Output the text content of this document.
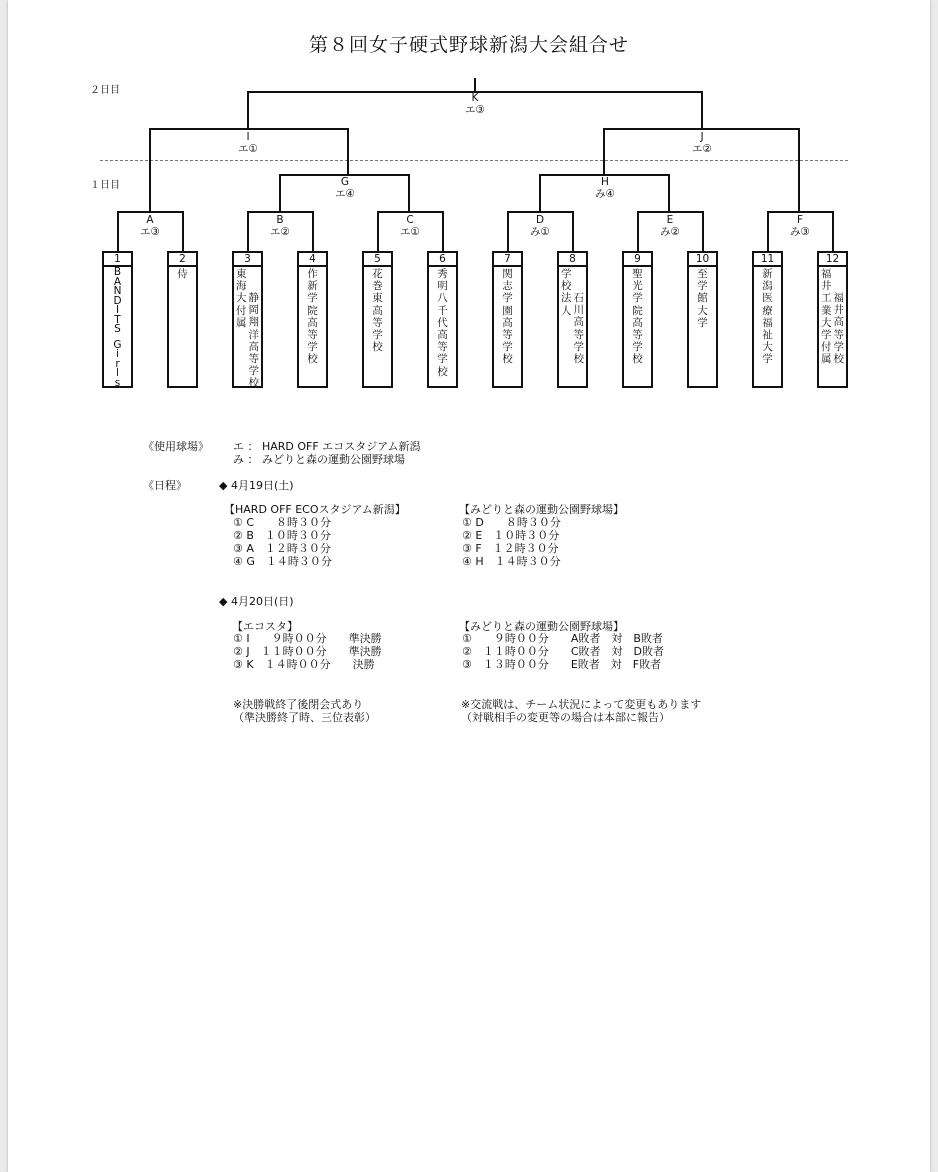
第８回女子硬式野球新潟大会組合せ
２日目
１日目
K
エ③
I
エ①
J
エ②
G
エ④
H
み④
A
エ③
B
エ②
C
エ①
D
み①
E
み②
F
み③
1
B
A
N
D
I
T
S
G
i
r
l
s
2
侍
3
東
海
大
付
属
静
岡
翔
洋
高
等
学
校
4
作
新
学
院
高
等
学
校
5
花
巻
東
高
等
学
校
6
秀
明
八
千
代
高
等
学
校
7
関
志
学
園
高
等
学
校
8
学
校
法
人
石
川
高
等
学
校
9
聖
光
学
院
高
等
学
校
10
至
学
館
大
学
11
新
潟
医
療
福
祉
大
学
12
福
井
工
業
大
学
付
属
福
井
高
等
学
校
《使用球場》 エ ： HARD OFF エコスタジアム新潟
み ： みどりと森の運動公園野球場
《日程》	◆ 4月19日(土)
【HARD OFF ECOスタジアム新潟】
① C　　８時３０分
② B　１０時３０分
③ A　１２時３０分
④ G　１４時３０分
【みどりと森の運動公園野球場】
① D　　８時３０分
② E　１０時３０分
③ F　１２時３０分
④ H　１４時３０分
◆ 4月20日(日)
【エコスタ】
① I　　９時００分　　準決勝
② J　１１時００分　　準決勝
③ K　１４時００分　　決勝
【みどりと森の運動公園野球場】
①　　９時００分　　A敗者　対　B敗者
②　１１時００分　　C敗者　対　D敗者
③　１３時００分　　E敗者　対　F敗者
※決勝戦終了後閉会式あり
（準決勝終了時、三位表彰）
※交流戦は、チーム状況によって変更もあります
（対戦相手の変更等の場合は本部に報告）
